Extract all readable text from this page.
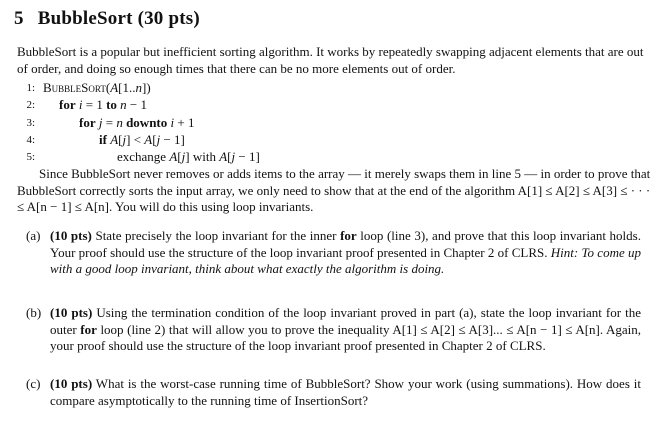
5 BubbleSort (30 pts)
BubbleSort is a popular but inefficient sorting algorithm. It works by repeatedly swapping adjacent elements that are out of order, and doing so enough times that there can be no more elements out of order.
1: BubbleSort(A[1..n])
2: for i = 1 to n − 1
3:	for j = n downto i + 1
4:	if A[j] < A[j − 1]
5:	exchange A[j] with A[j − 1]

Since BubbleSort never removes or adds items to the array — it merely swaps them in line 5 — in order to prove that BubbleSort correctly sorts the input array, we only need to show that at the end of the algorithm A[1] ≤ A[2] ≤ A[3] ≤ · · · ≤ A[n − 1] ≤ A[n]. You will do this using loop invariants.

(a) (10 pts) State precisely the loop invariant for the inner for loop (line 3), and prove that this loop invariant holds. Your proof should use the structure of the loop invariant proof presented in Chapter 2 of CLRS. Hint: To come up with a good loop invariant, think about what exactly the algorithm is doing.
(b) (10 pts) Using the termination condition of the loop invariant proved in part (a), state the loop invariant for the outer for loop (line 2) that will allow you to prove the inequality A[1] ≤ A[2] ≤ A[3]... ≤ A[n − 1] ≤ A[n]. Again, your proof should use the structure of the loop invariant proof presented in Chapter 2 of CLRS.
(c) (10 pts) What is the worst-case running time of BubbleSort? Show your work (using summations). How does it compare asymptotically to the running time of InsertionSort?
